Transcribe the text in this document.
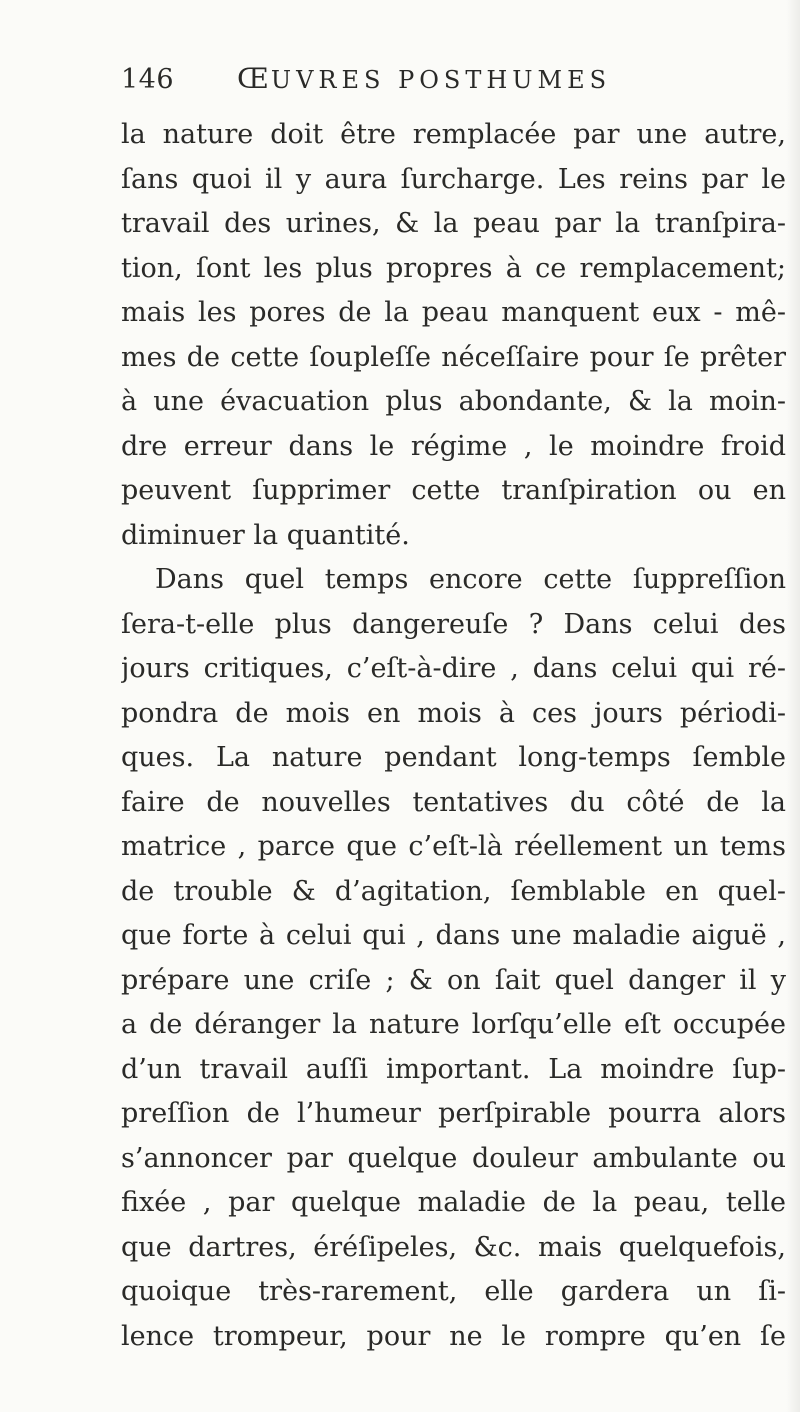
146	ŒUVRES POSTHUMES
la nature doit être remplacée par une autre,
ſans quoi il y aura ſurcharge. Les reins par le
travail des urines, & la peau par la tranſpira-
tion, ſont les plus propres à ce remplacement;
mais les pores de la peau manquent eux - mê-
mes de cette ſoupleſſe néceſſaire pour ſe prêter
à une évacuation plus abondante, & la moin-
dre erreur dans le régime , le moindre froid
peuvent ſupprimer cette tranſpiration ou en
diminuer la quantité.
Dans quel temps encore cette ſuppreſſion
ſera-t-elle plus dangereuſe ? Dans celui des
jours critiques, c’eſt-à-dire , dans celui qui ré-
pondra de mois en mois à ces jours périodi-
ques. La nature pendant long-temps ſemble
faire de nouvelles tentatives du côté de la
matrice , parce que c’eſt-là réellement un tems
de trouble & d’agitation, ſemblable en quel-
que forte à celui qui , dans une maladie aiguë ,
prépare une criſe ; & on ſait quel danger il y
a de déranger la nature lorſqu’elle eſt occupée
d’un travail auſſi important. La moindre ſup-
preſſion de l’humeur perſpirable pourra alors
s’annoncer par quelque douleur ambulante ou
fixée , par quelque maladie de la peau, telle
que dartres, éréſipeles, &c. mais quelquefois,
quoique très-rarement, elle gardera un ſi-
lence trompeur, pour ne le rompre qu’en ſe
